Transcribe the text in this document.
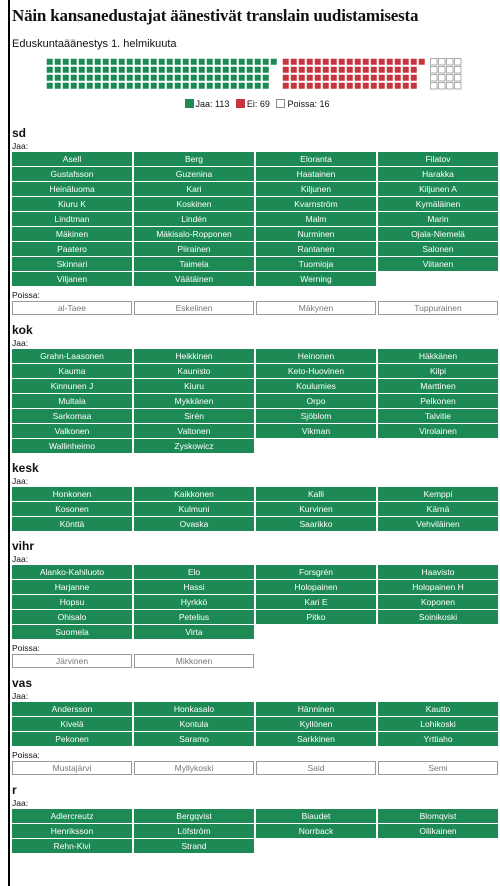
Näin kansanedustajat äänestivät translain uudistamisesta
Eduskuntaäänestys 1. helmikuuta
Jaa: 113 Ei: 69 Poissa: 16
sd
Jaa:
Asell	Berg	Eloranta	Filatov
Gustafsson	Guzenina	Haatainen	Harakka
Heinäluoma	Kari	Kiljunen	Kiljunen A
Kiuru K	Koskinen	Kvarnström	Kymäläinen
Lindtman	Lindén	Malm	Marin
Mäkinen	Mäkisalo-Ropponen	Nurminen	Ojala-Niemelä
Paatero	Piirainen	Rantanen	Salonen
Skinnari	Taimela	Tuomioja	Viitanen
Viljanen	Väätäinen	Werning
Poissa:
al-Taee	Eskelinen	Mäkynen	Tuppurainen
kok
Jaa:
Grahn-Laasonen	Heikkinen	Heinonen	Häkkänen
Kauma	Kaunisto	Keto-Huovinen	Kilpi
Kinnunen J	Kiuru	Koulumies	Marttinen
Multala	Mykkänen	Orpo	Pelkonen
Sarkomaa	Sirén	Sjöblom	Talvitie
Valkonen	Valtonen	Vikman	Virolainen
Wallinheimo	Zyskowicz
kesk
Jaa:
Honkonen	Kaikkonen	Kalli	Kemppi
Kosonen	Kulmuni	Kurvinen	Kärnä
Könttä	Ovaska	Saarikko	Vehviläinen
vihr
Jaa:
Alanko-Kahiluoto	Elo	Forsgrén	Haavisto
Harjanne	Hassi	Holopainen	Holopainen H
Hopsu	Hyrkkö	Kari E	Koponen
Ohisalo	Petelius	Pitko	Soinikoski
Suomela	Virta
Poissa:
Järvinen	Mikkonen
vas
Jaa:
Andersson	Honkasalo	Hänninen	Kautto
Kivelä	Kontula	Kyllönen	Lohikoski
Pekonen	Saramo	Sarkkinen	Yrttiaho
Poissa:
Mustajärvi	Myllykoski	Said	Semi
r
Jaa:
Adlercreutz	Bergqvist	Biaudet	Blomqvist
Henriksson	Löfström	Norrback	Ollikainen
Rehn-Kivi	Strand
